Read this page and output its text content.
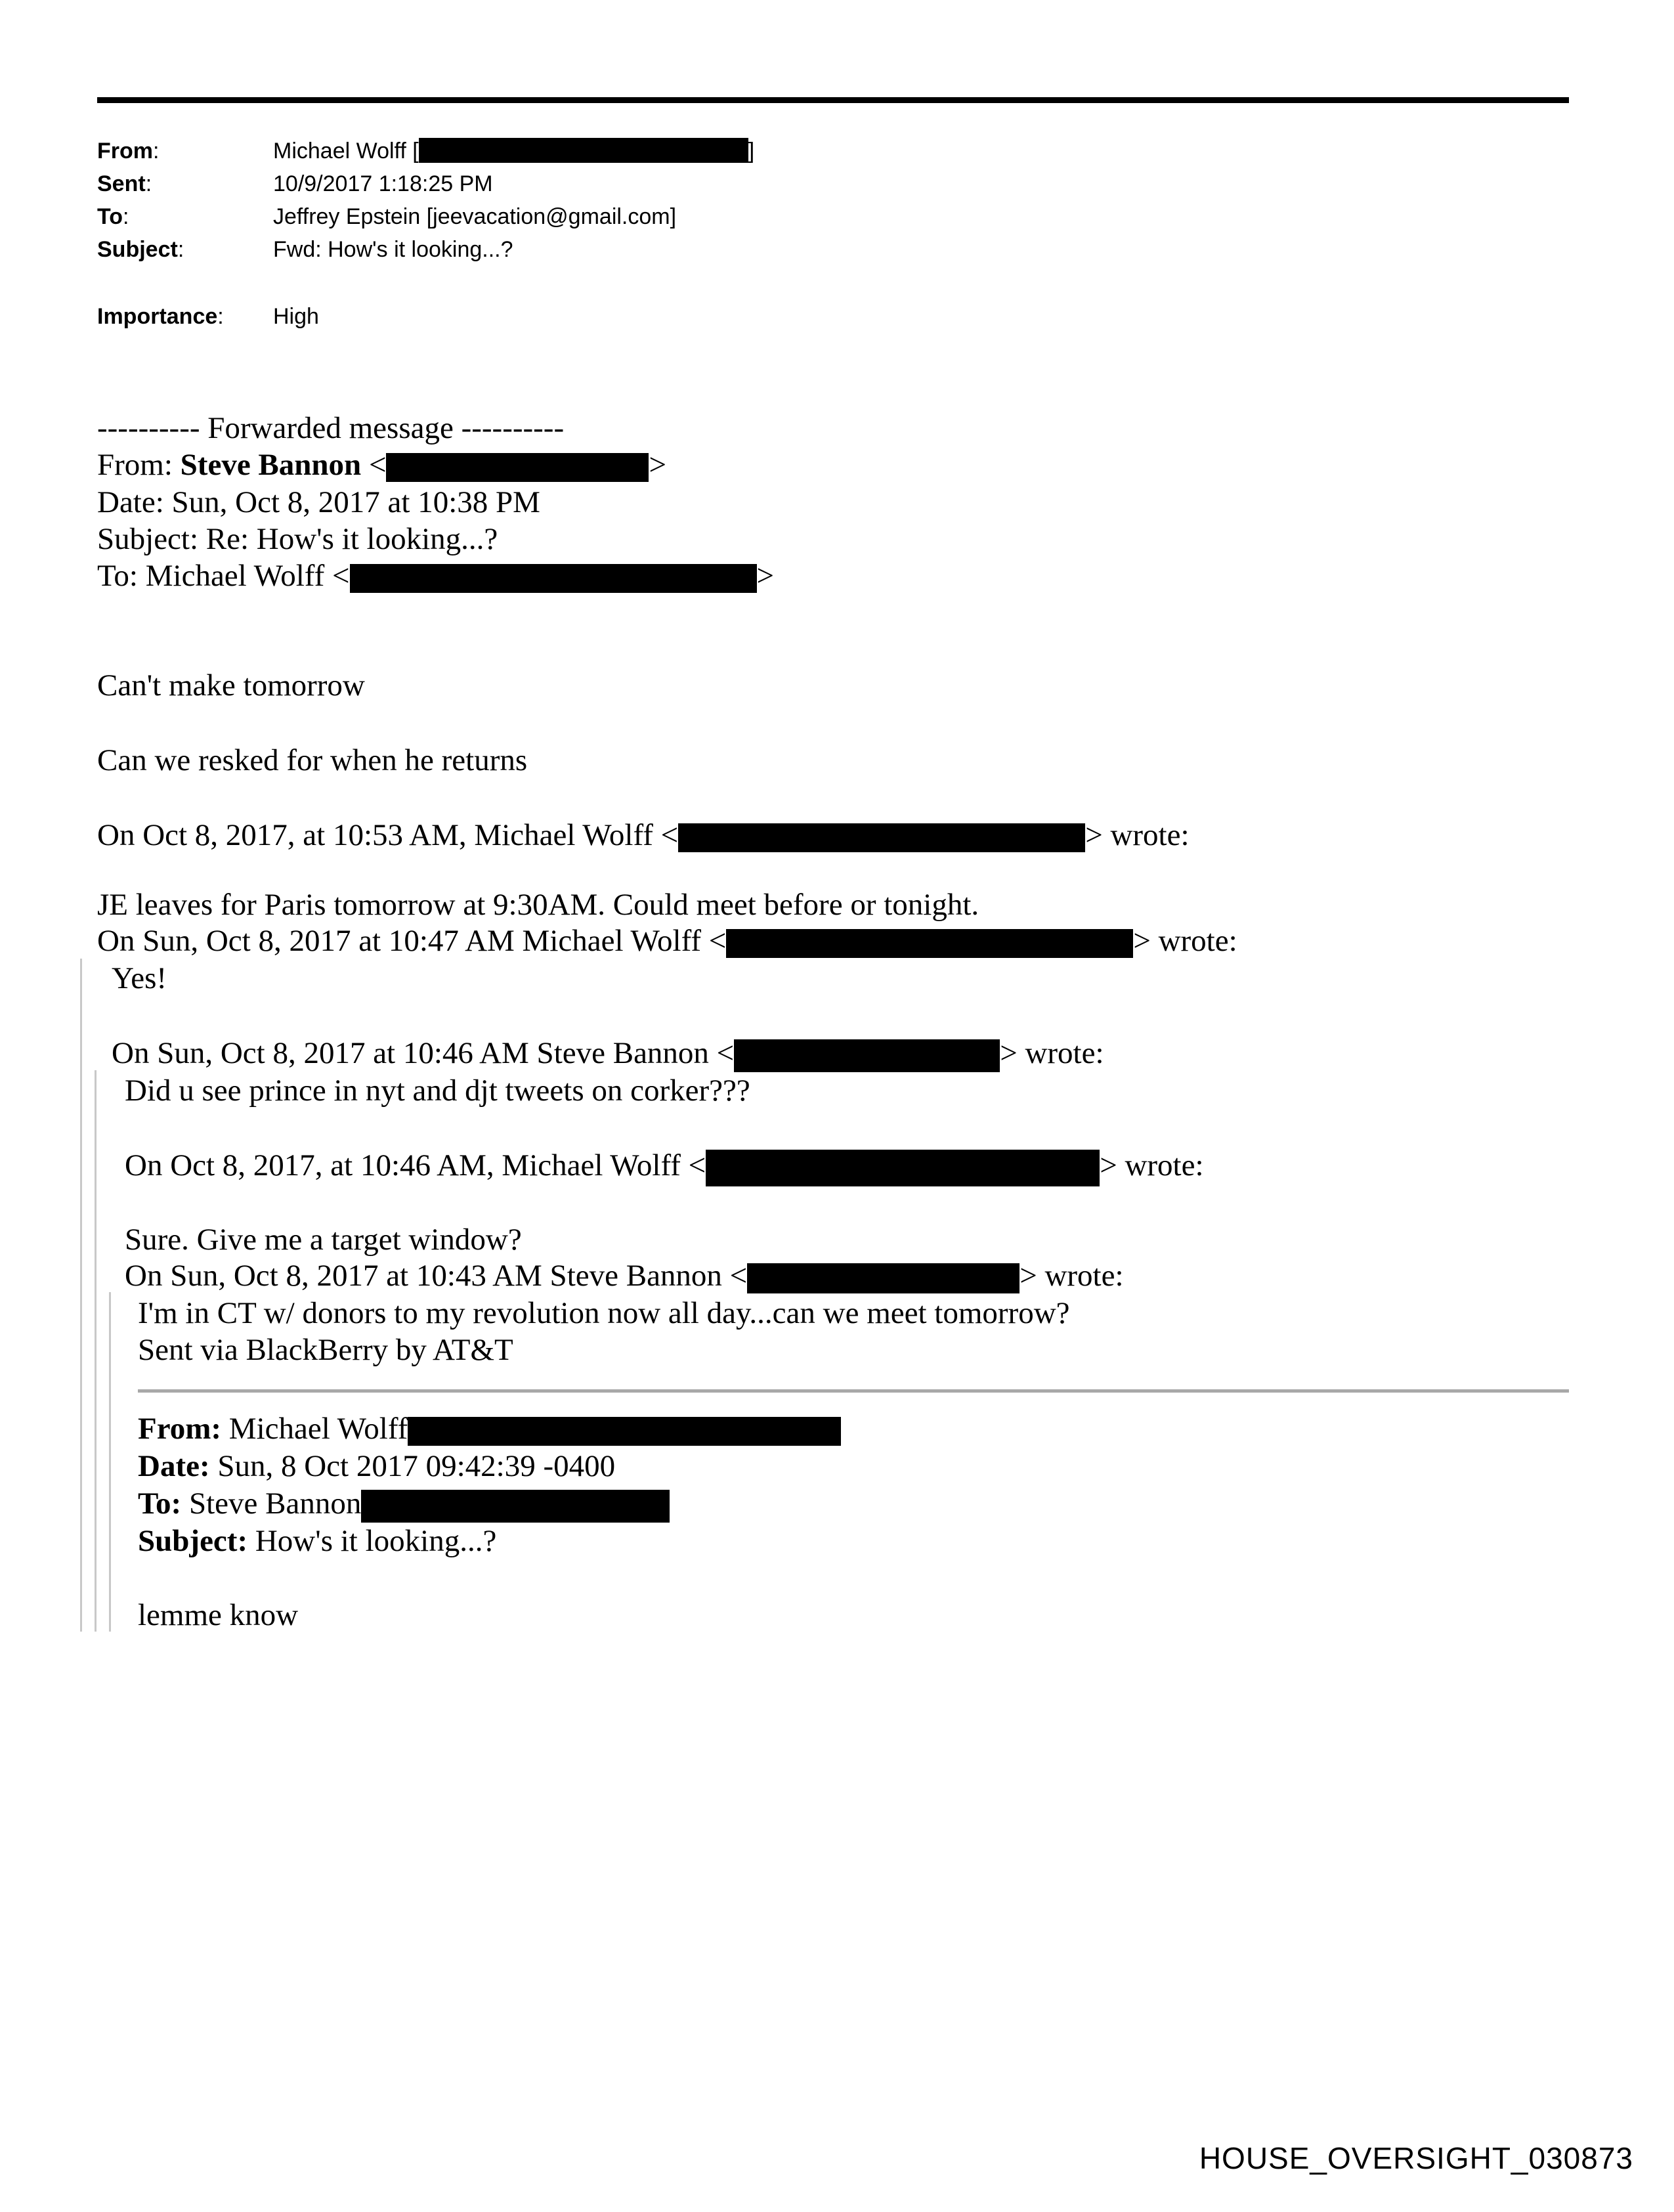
From:	Michael Wolff [	]
Sent:	10/9/2017 1:18:25 PM
To:	Jeffrey Epstein [jeevacation@gmail.com]
Subject:	Fwd: How's it looking...?
Importance: High
---------- Forwarded message ----------
From: Steve Bannon <	>
Date: Sun, Oct 8, 2017 at 10:38 PM
Subject: Re: How's it looking...?
To: Michael Wolff <	>
Can't make tomorrow
Can we resked for when he returns
On Oct 8, 2017, at 10:53 AM, Michael Wolff <	> wrote:
JE leaves for Paris tomorrow at 9:30AM. Could meet before or tonight.
On Sun, Oct 8, 2017 at 10:47 AM Michael Wolff <	> wrote:
Yes!
On Sun, Oct 8, 2017 at 10:46 AM Steve Bannon <	> wrote:
Did u see prince in nyt and djt tweets on corker???
On Oct 8, 2017, at 10:46 AM, Michael Wolff <	> wrote:
Sure. Give me a target window?
On Sun, Oct 8, 2017 at 10:43 AM Steve Bannon <	> wrote:
I'm in CT w/ donors to my revolution now all day...can we meet tomorrow?
Sent via BlackBerry by AT&T
From: Michael Wolff
Date: Sun, 8 Oct 2017 09:42:39 -0400
To: Steve Bannon
Subject: How's it looking...?
lemme know
HOUSE_OVERSIGHT_030873
